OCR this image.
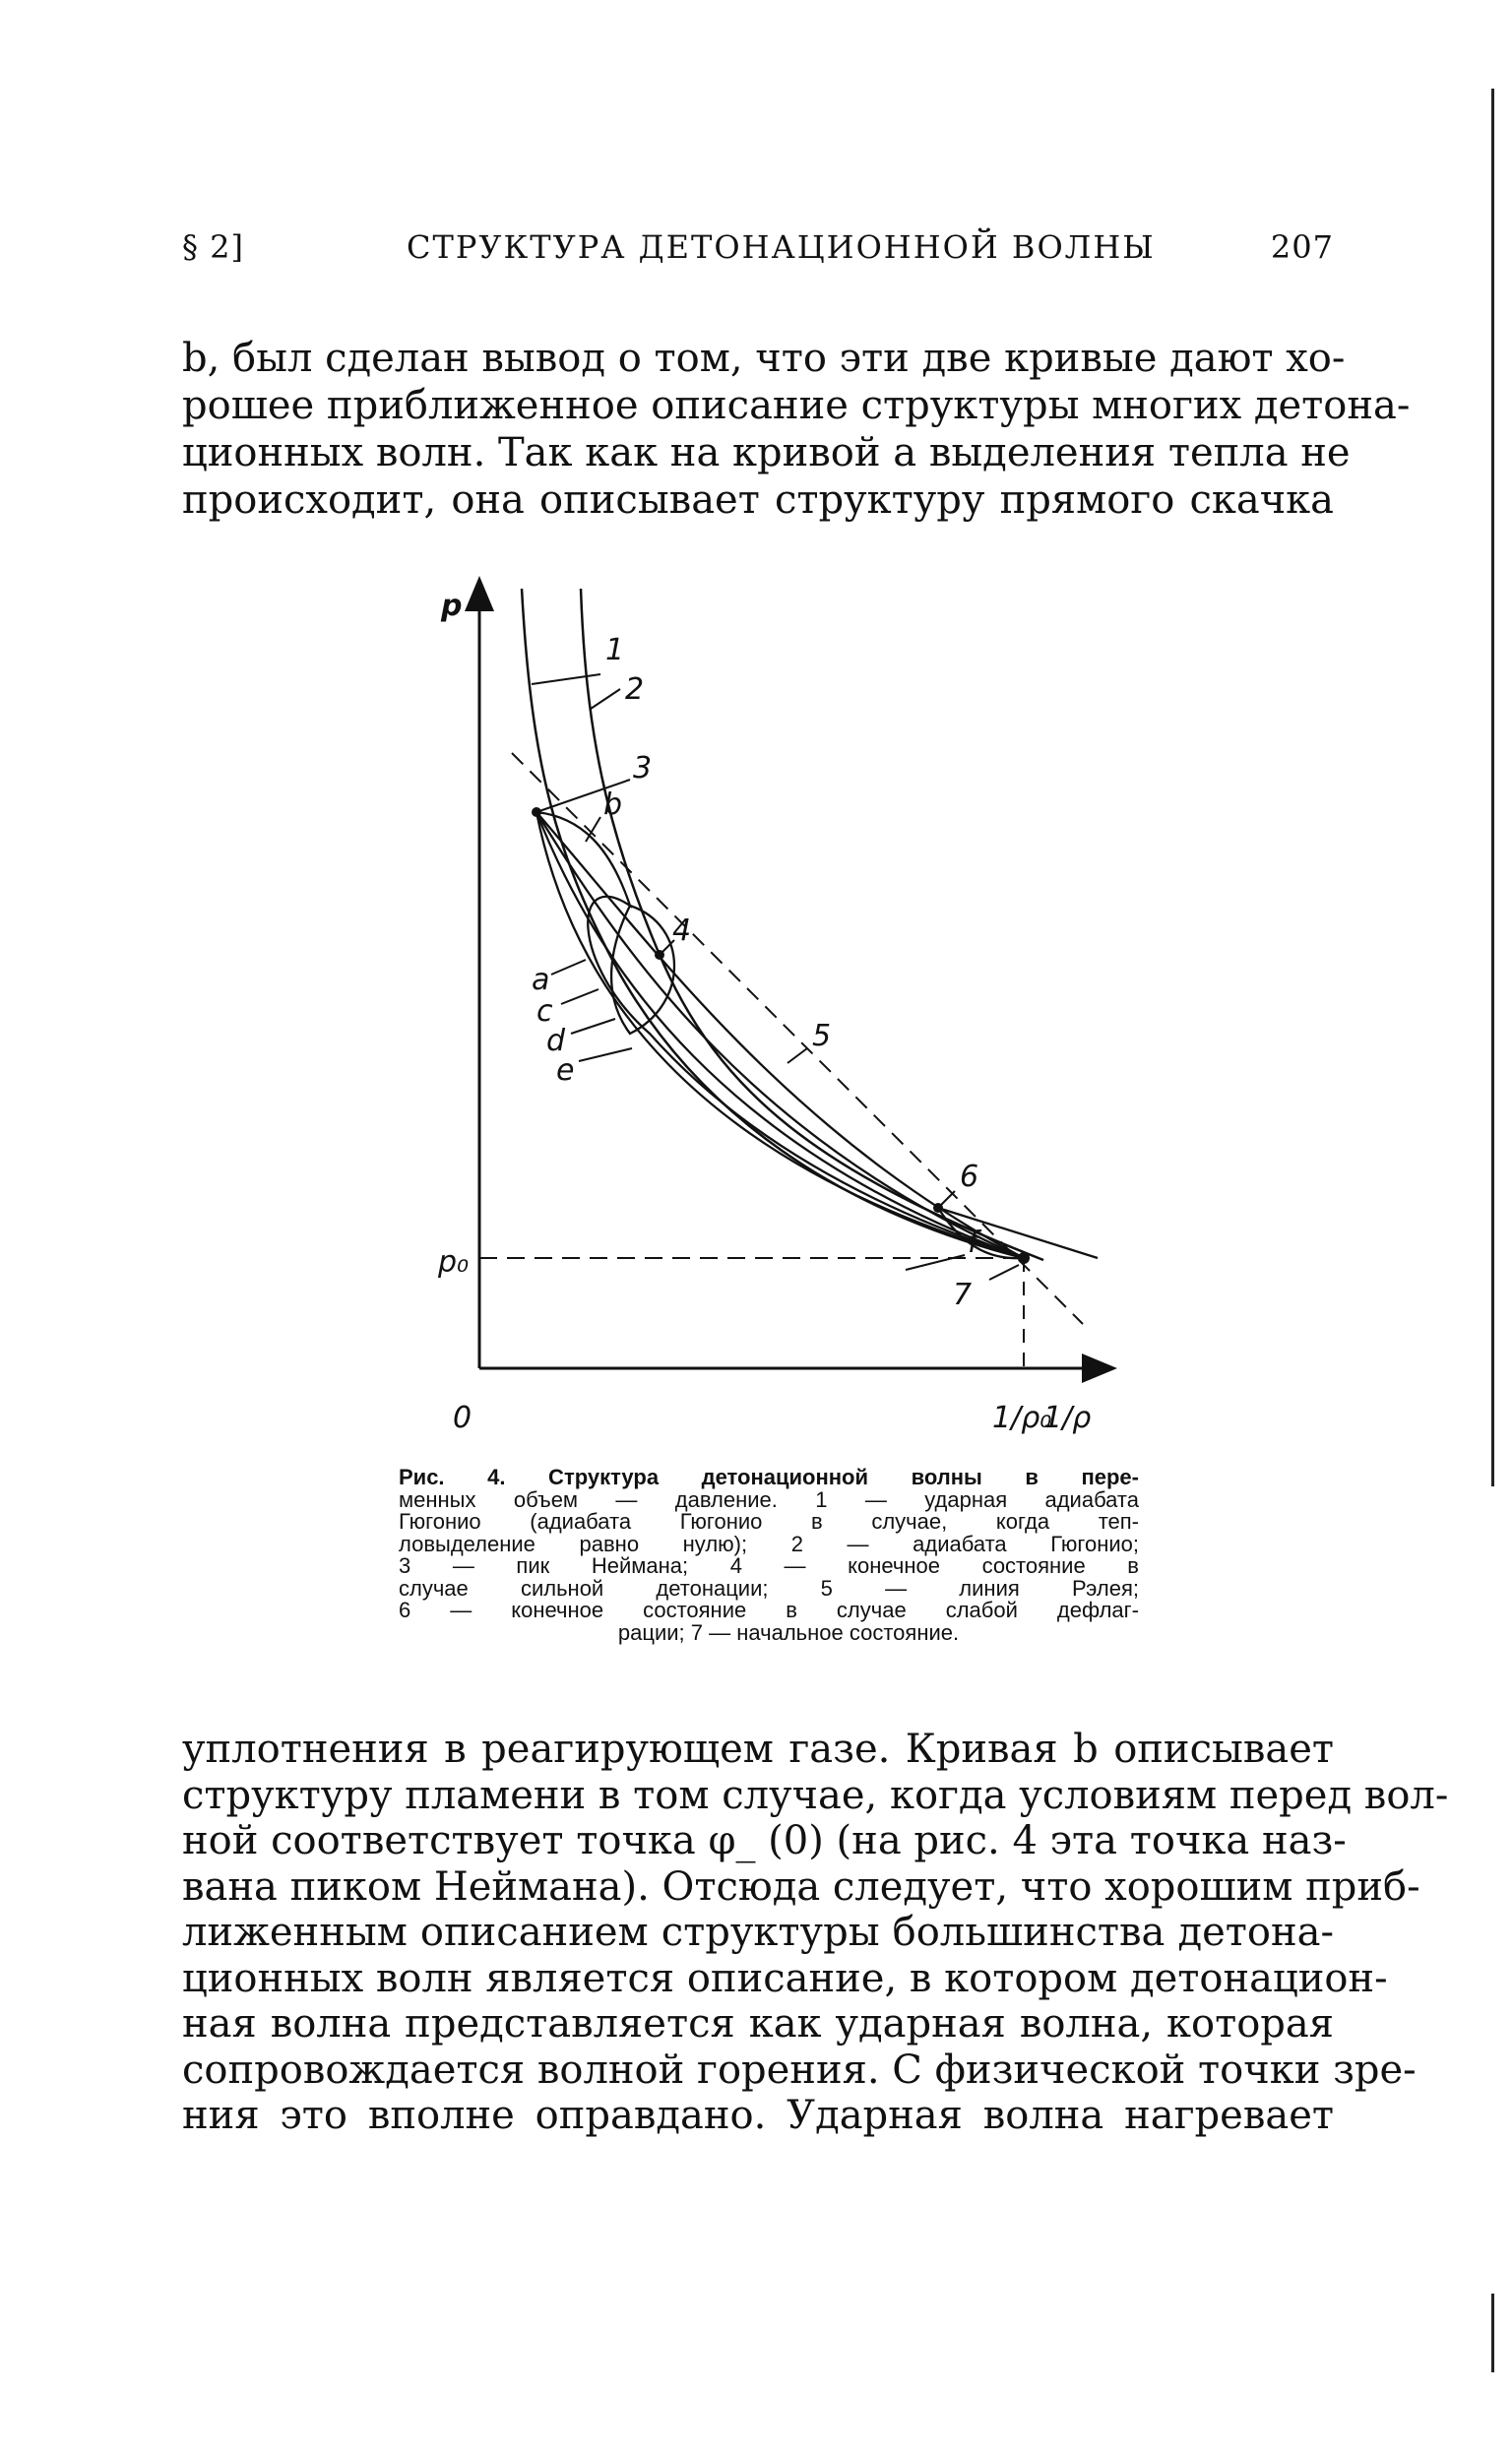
§ 2]	СТРУКТУРА ДЕТОНАЦИОННОЙ ВОЛНЫ	207
b, был сделан вывод о том, что эти две кривые дают хо-
рошее приближенное описание структуры многих детона-
ционных волн. Так как на кривой a выделения тепла не
происходит, она описывает структуру прямого скачка
p
1/ρ
0
p₀
1/ρ₀
1
2
3
4
5
6
7
a
c
d
e
b
f
Рис. 4. Структура детонационной волны в пере-
менных объем — давление. 1 — ударная адиабата
Гюгонио (адиабата Гюгонио в случае, когда теп-
ловыделение равно нулю); 2 — адиабата Гюгонио;
3 — пик Неймана; 4 — конечное состояние в
случае сильной детонации; 5 — линия Рэлея;
6 — конечное состояние в случае слабой дефлаг-
рации; 7 — начальное состояние.
уплотнения в реагирующем газе. Кривая b описывает
структуру пламени в том случае, когда условиям перед вол-
ной соответствует точка φ_ (0) (на рис. 4 эта точка наз-
вана пиком Неймана). Отсюда следует, что хорошим приб-
лиженным описанием структуры большинства детона-
ционных волн является описание, в котором детонацион-
ная волна представляется как ударная волна, которая
сопровождается волной горения. С физической точки зре-
ния это вполне оправдано. Ударная волна нагревает
